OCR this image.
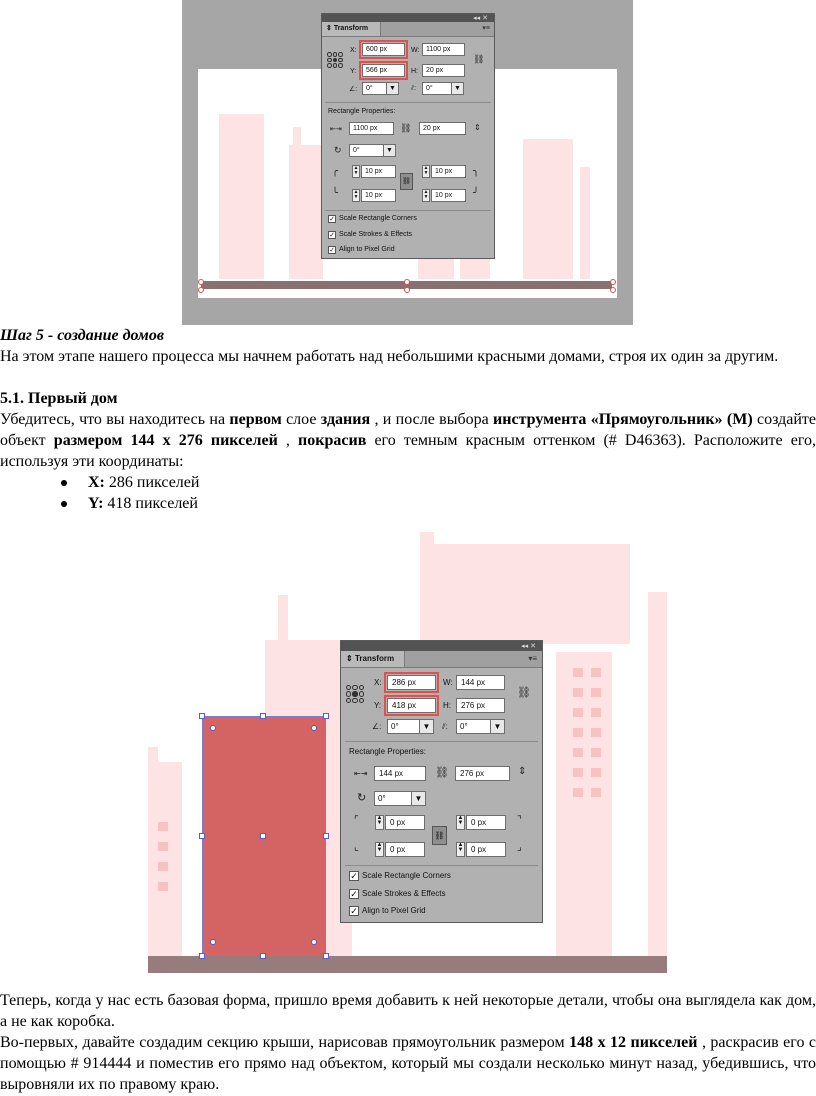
◂◂ ✕
⇕ Transform	▾≡
X:	600 px
Y:	566 px
W: 1100 px
H:	20 px
⛓
∠: 0°	▼ ⫽: 0°	▼
Rectangle Properties:
⇤⇥	1100 px	⛓	20 px	⇕
↻ 0°	▼
╭	▲
▼ 10 px	▲
▼ 10 px	╮
⛓
╰	▲
▼ 10 px	▲
▼ 10 px	╯
✓ Scale Rectangle Corners
✓ Scale Strokes & Effects
✓ Align to Pixel Grid
Шаг 5 - создание домов
На этом этапе нашего процесса мы начнем работать над небольшими красными домами, строя их один за другим.
5.1. Первый дом
Убедитесь, что вы находитесь на первом слое здания , и после выбора инструмента «Прямоугольник» (M) создайте объект размером 144 x 276 пикселей , покрасив его темным красным оттенком (# D46363). Расположите его, используя эти координаты:
X: 286 пикселей
Y: 418 пикселей
◂◂ ✕
⇕ Transform	▾≡
X:	286 px
Y:	418 px
W:	144 px
H:	276 px
⛓
∠: 0°	▼	⫽: 0°	▼
Rectangle Properties:
⇤⇥	144 px	⛓	276 px	⇕
↻ 0°	▼
⌜	▲
▼ 0 px	▲
▼ 0 px	⌝
⛓
⌞	▲
▼ 0 px	▲
▼ 0 px	⌟
✓ Scale Rectangle Corners
✓ Scale Strokes & Effects
✓ Align to Pixel Grid
Теперь, когда у нас есть базовая форма, пришло время добавить к ней некоторые детали, чтобы она выглядела как дом, а не как коробка.
Во-первых, давайте создадим секцию крыши, нарисовав прямоугольник размером 148 x 12 пикселей , раскрасив его с помощью # 914444 и поместив его прямо над объектом, который мы создали несколько минут назад, убедившись, что выровняли их по правому краю.
